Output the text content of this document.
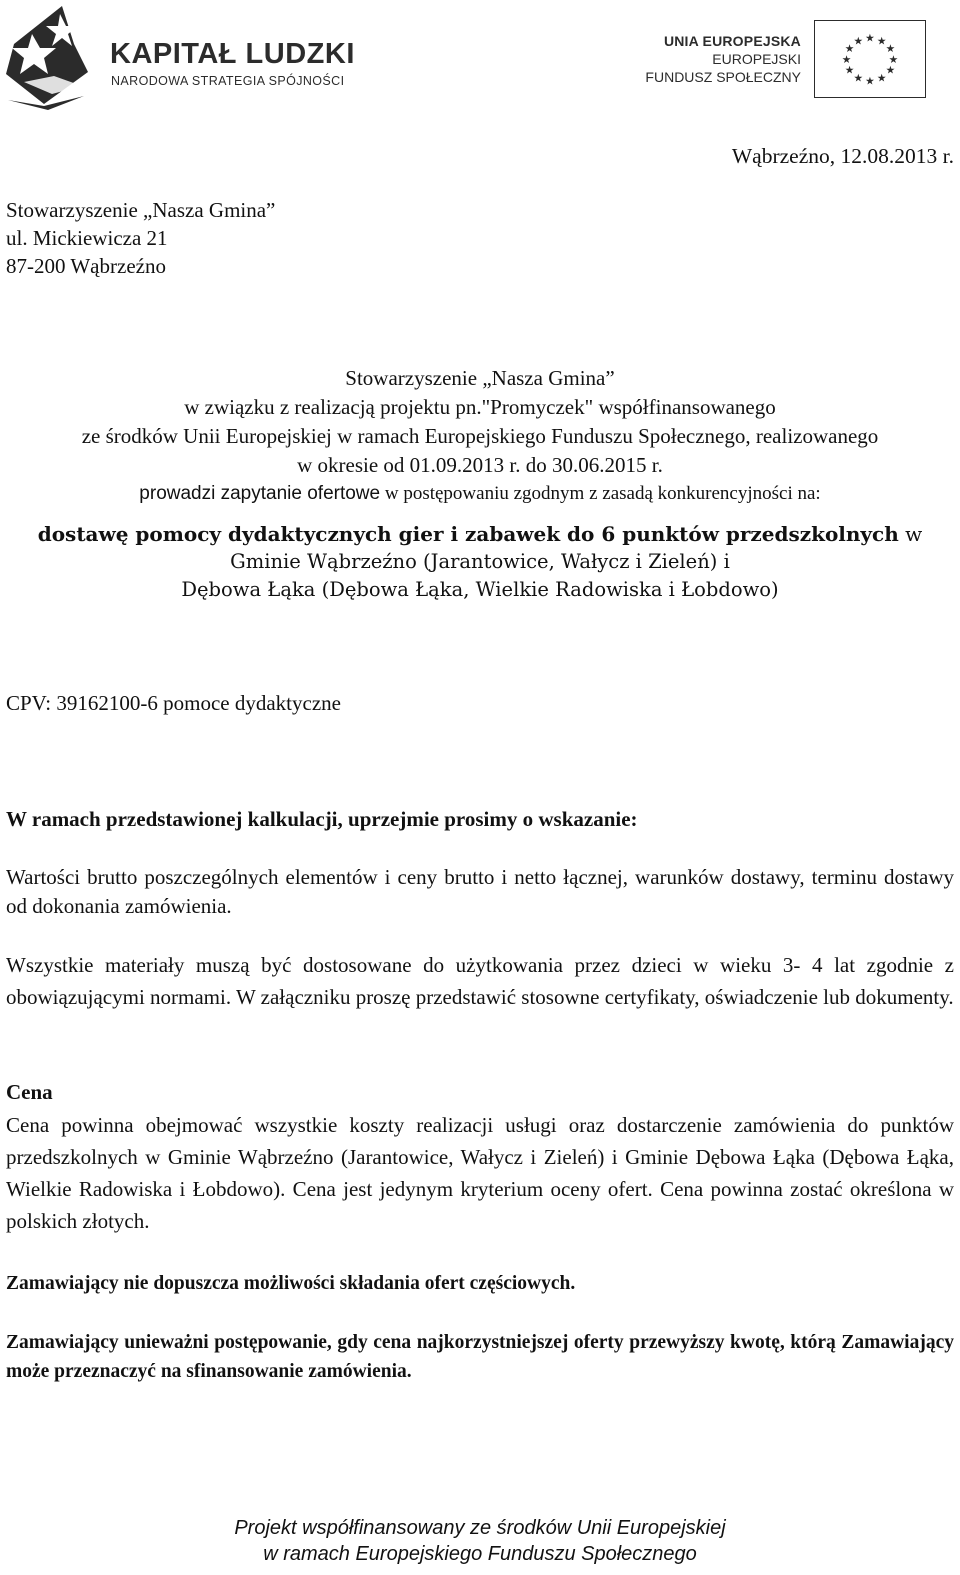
KAPITAŁ LUDZKI
NARODOWA STRATEGIA SPÓJNOŚCI
UNIA EUROPEJSKA
EUROPEJSKI
FUNDUSZ SPOŁECZNY
★ ★
★
★
★
★
★
★
★
★
★
★
Wąbrzeźno, 12.08.2013 r.
Stowarzyszenie „Nasza Gmina”
ul. Mickiewicza 21
87-200 Wąbrzeźno
Stowarzyszenie „Nasza Gmina”
w związku z realizacją projektu pn."Promyczek" współfinansowanego
ze środków Unii Europejskiej w ramach Europejskiego Funduszu Społecznego, realizowanego
w okresie od 01.09.2013 r. do 30.06.2015 r.
prowadzi zapytanie ofertowe w postępowaniu zgodnym z zasadą konkurencyjności na:
dostawę pomocy dydaktycznych gier i zabawek do 6 punktów przedszkolnych w
Gminie Wąbrzeźno (Jarantowice, Wałycz i Zieleń) i
Dębowa Łąka (Dębowa Łąka, Wielkie Radowiska i Łobdowo)
CPV: 39162100-6 pomoce dydaktyczne
W ramach przedstawionej kalkulacji, uprzejmie prosimy o wskazanie:
Wartości brutto poszczególnych elementów i ceny brutto i netto łącznej, warunków dostawy, terminu dostawy od dokonania zamówienia.
Wszystkie materiały muszą być dostosowane do użytkowania przez dzieci w wieku 3- 4 lat zgodnie z obowiązującymi normami. W załączniku proszę przedstawić stosowne certyfikaty, oświadczenie lub dokumenty.
Cena
Cena powinna obejmować wszystkie koszty realizacji usługi oraz dostarczenie zamówienia do punktów przedszkolnych w Gminie Wąbrzeźno (Jarantowice, Wałycz i Zieleń) i Gminie Dębowa Łąka (Dębowa Łąka, Wielkie Radowiska i Łobdowo). Cena jest jedynym kryterium oceny ofert. Cena powinna zostać określona w polskich złotych.
Zamawiający nie dopuszcza możliwości składania ofert częściowych.
Zamawiający unieważni postępowanie, gdy cena najkorzystniejszej oferty przewyższy kwotę, którą Zamawiający może przeznaczyć na sfinansowanie zamówienia.
Projekt współfinansowany ze środków Unii Europejskiej
w ramach Europejskiego Funduszu Społecznego
